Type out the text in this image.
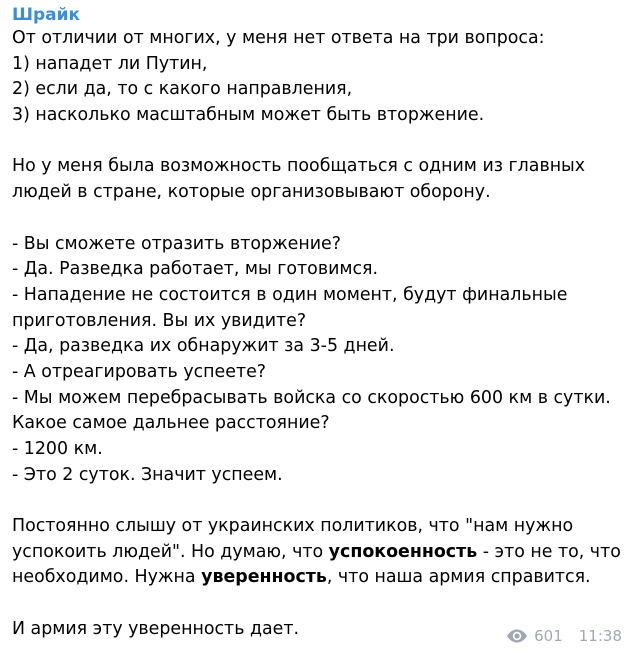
Шрайк
От отличии от многих, у меня нет ответа на три вопроса:
1) нападет ли Путин,
2) если да, то с какого направления,
3) насколько масштабным может быть вторжение.
Но у меня была возможность пообщаться с одним из главных
людей в стране, которые организовывают оборону.
- Вы сможете отразить вторжение?
- Да. Разведка работает, мы готовимся.
- Нападение не состоится в один момент, будут финальные
приготовления. Вы их увидите?
- Да, разведка их обнаружит за 3-5 дней.
- А отреагировать успеете?
- Мы можем перебрасывать войска со скоростью 600 км в сутки.
Какое самое дальнее расстояние?
- 1200 км.
- Это 2 суток. Значит успеем.
Постоянно слышу от украинских политиков, что "нам нужно
успокоить людей". Но думаю, что успокоенность - это не то, что
необходимо. Нужна уверенность, что наша армия справится.
И армия эту уверенность дает.	601 11:38
